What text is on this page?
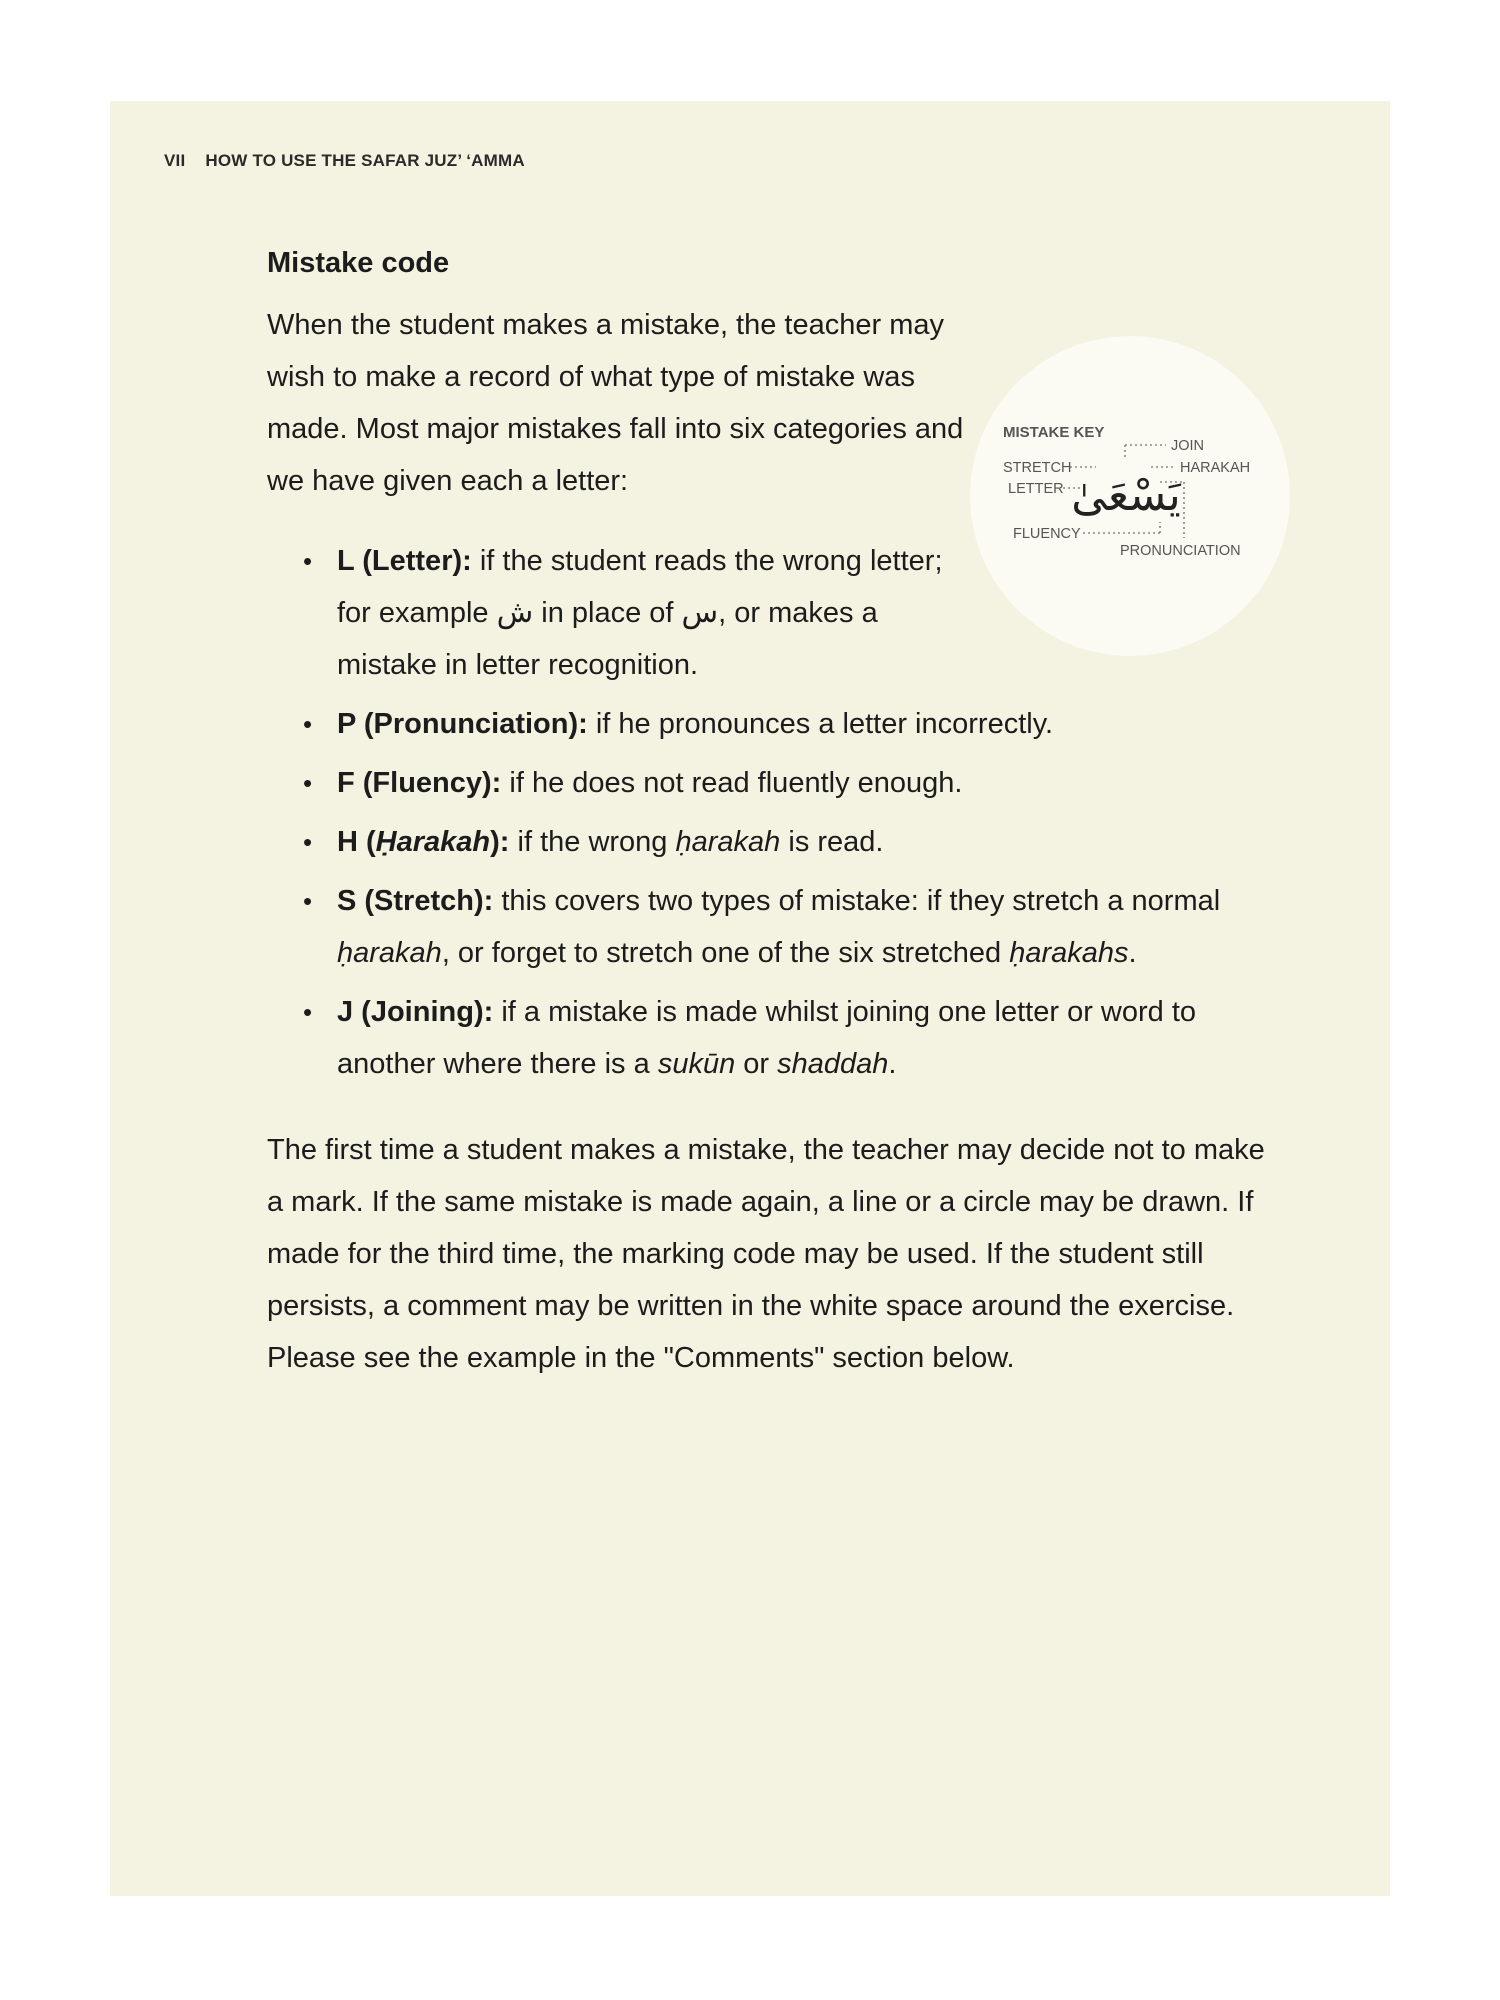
VII HOW TO USE THE SAFAR JUZ’ ‘AMMA
MISTAKE KEY
STRETCH
LETTER
FLUENCY
JOIN
HARAKAH
PRONUNCIATION
يَسْعَىٰ
Mistake code

When the student makes a mistake, the teacher may wish to make a record of what type of mistake was made. Most major mistakes fall into six categories and we have given each a letter:

• L (Letter): if the student reads the wrong letter; for example ش in place of س, or makes a mistake in letter recognition.
• P (Pronunciation): if he pronounces a letter incorrectly.
• F (Fluency): if he does not read fluently enough.
• H (Ḥarakah): if the wrong ḥarakah is read.
• S (Stretch): this covers two types of mistake: if they stretch a normal ḥarakah, or forget to stretch one of the six stretched ḥarakahs.
• J (Joining): if a mistake is made whilst joining one letter or word to another where there is a sukūn or shaddah.

The first time a student makes a mistake, the teacher may decide not to make a mark. If the same mistake is made again, a line or a circle may be drawn. If made for the third time, the marking code may be used. If the student still persists, a comment may be written in the white space around the exercise. Please see the example in the "Comments" section below.
